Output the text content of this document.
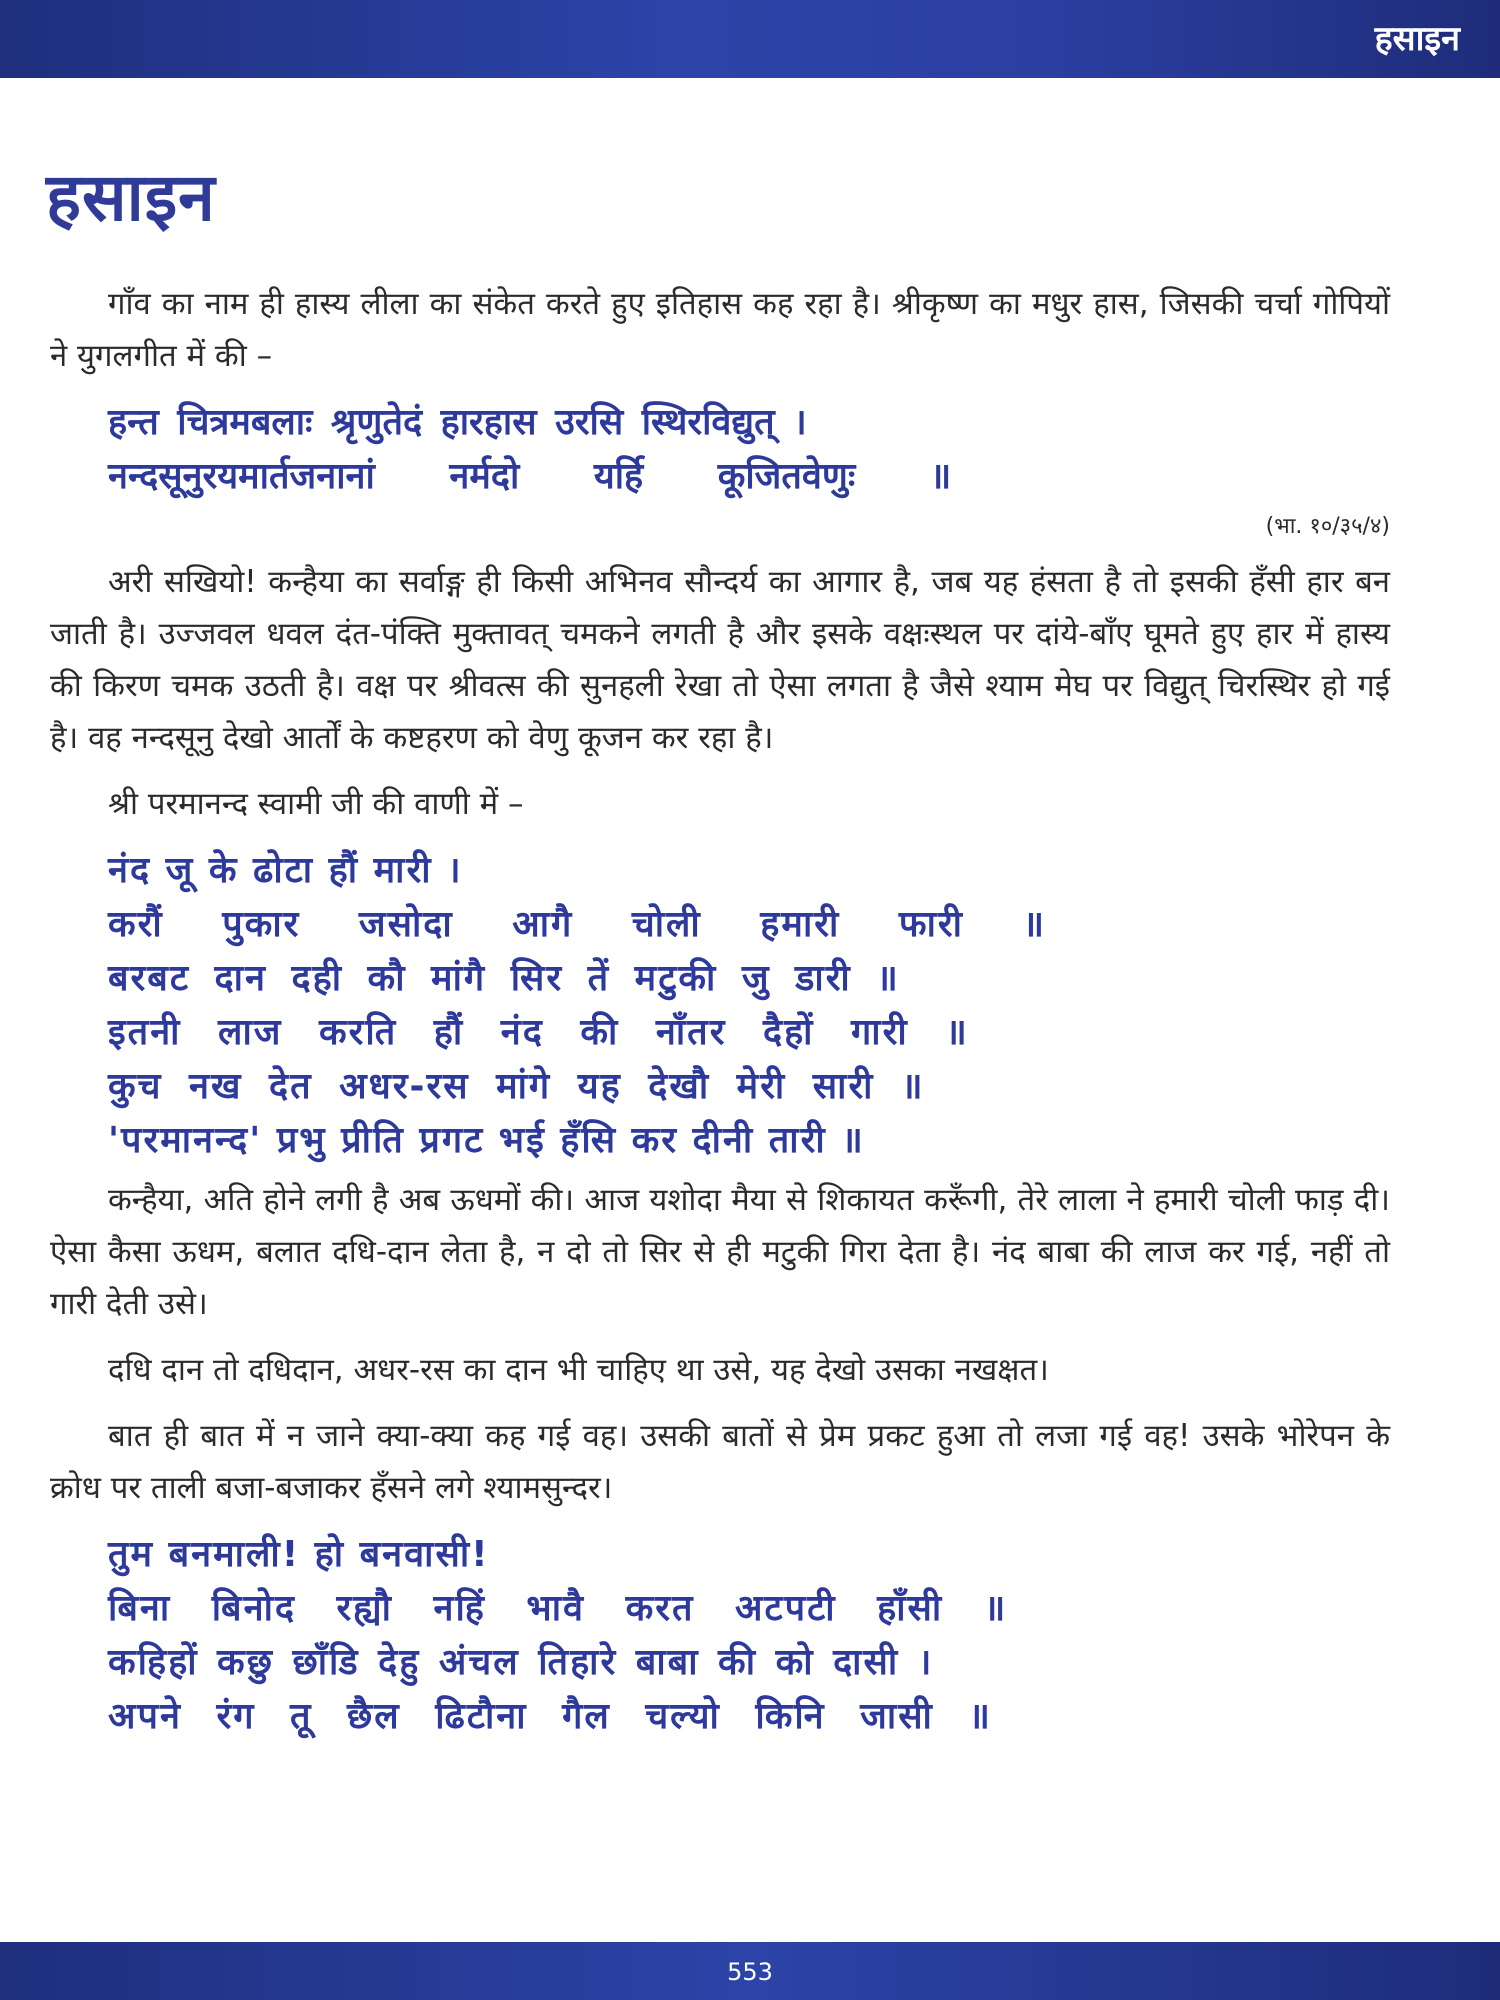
हसाइन
हसाइन

गाँव का नाम ही हास्य लीला का संकेत करते हुए इतिहास कह रहा है। श्रीकृष्ण का मधुर हास, जिसकी चर्चा गोपियों ने युगलगीत में की –

हन्त चित्रमबलाः श्रृणुतेदं हारहास उरसि स्थिरविद्युत् ।
नन्दसूनुरयमार्तजनानां नर्मदो यर्हि कूजितवेणुः ॥
(भा. १०/३५/४)

अरी सखियो! कन्हैया का सर्वाङ्ग ही किसी अभिनव सौन्दर्य का आगार है, जब यह हंसता है तो इसकी हँसी हार बन जाती है। उज्जवल धवल दंत-पंक्ति मुक्तावत् चमकने लगती है और इसके वक्षःस्थल पर दांये-बाँए घूमते हुए हार में हास्य की किरण चमक उठती है। वक्ष पर श्रीवत्स की सुनहली रेखा तो ऐसा लगता है जैसे श्याम मेघ पर विद्युत् चिरस्थिर हो गई है। वह नन्दसूनु देखो आर्तों के कष्टहरण को वेणु कूजन कर रहा है।

श्री परमानन्द स्वामी जी की वाणी में –

नंद जू के ढोटा हौं मारी ।
करौं पुकार जसोदा आगै चोली हमारी फारी ॥
बरबट दान दही कौ मांगै सिर तें मटुकी जु डारी ॥
इतनी लाज करति हौं नंद की नाँतर दैहों गारी ॥
कुच नख देत अधर-रस मांगे यह देखौ मेरी सारी ॥
'परमानन्द' प्रभु प्रीति प्रगट भई हँसि कर दीनी तारी ॥

कन्हैया, अति होने लगी है अब ऊधमों की। आज यशोदा मैया से शिकायत करूँगी, तेरे लाला ने हमारी चोली फाड़ दी। ऐसा कैसा ऊधम, बलात दधि-दान लेता है, न दो तो सिर से ही मटुकी गिरा देता है। नंद बाबा की लाज कर गई, नहीं तो गारी देती उसे।

दधि दान तो दधिदान, अधर-रस का दान भी चाहिए था उसे, यह देखो उसका नखक्षत।

बात ही बात में न जाने क्या-क्या कह गई वह। उसकी बातों से प्रेम प्रकट हुआ तो लजा गई वह! उसके भोरेपन के क्रोध पर ताली बजा-बजाकर हँसने लगे श्यामसुन्दर।

तुम बनमाली! हो बनवासी!
बिना बिनोद रह्यौ नहिं भावै करत अटपटी हाँसी ॥
कहिहों कछु छाँडि देहु अंचल तिहारे बाबा की को दासी ।
अपने रंग तू छैल ढिटौना गैल चल्यो किनि जासी ॥
553
